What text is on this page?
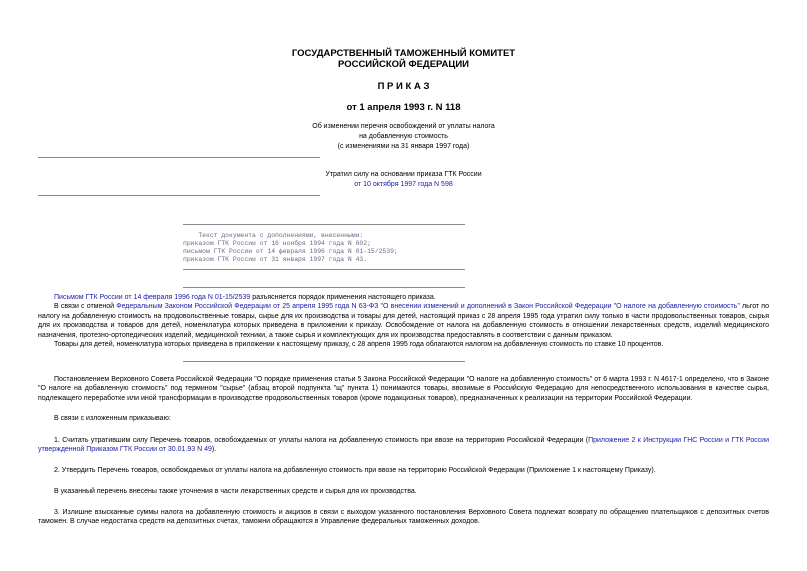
ГОСУДАРСТВЕННЫЙ ТАМОЖЕННЫЙ КОМИТЕТ
РОССИЙСКОЙ ФЕДЕРАЦИИ
П Р И К А З
от 1 апреля 1993 г. N 118
Об изменении перечня освобождений от уплаты налога
на добавленную стоимость
(с изменениями на 31 января 1997 года)
Утратил силу на основании приказа ГТК России
от 10 октября 1997 года N 598
Текст документа с дополнениями, внесенными:
приказом ГТК России от 16 ноября 1994 года N 602;
письмом ГТК России от 14 февраля 1996 года N 01-15/2539;
приказом ГТК России от 31 января 1997 года N 43.

Письмом ГТК России от 14 февраля 1996 года N 01-15/2539 разъясняется порядок применения настоящего приказа.

В связи с отменой Федеральным Законом Российской Федерации от 25 апреля 1995 года N 63-ФЗ "О внесении изменений и дополнений в Закон Российской Федерации "О налоге на добавленную стоимость" льгот по налогу на добавленную стоимость на продовольственные товары, сырье для их производства и товары для детей, настоящий приказ с 28 апреля 1995 года утратил силу только в части продовольственных товаров, сырья для их производства и товаров для детей, номенклатура которых приведена в приложении к приказу. Освобождение от налога на добавленную стоимость в отношении лекарственных средств, изделий медицинского назначения, протезно-ортопедических изделий, медицинской техники, а также сырья и комплектующих для их производства предоставлять в соответствии с данным приказом.

Товары для детей, номенклатура которых приведена в приложении к настоящему приказу, с 28 апреля 1995 года облагаются налогом на добавленную стоимость по ставке 10 процентов.

Постановлением Верховного Совета Российской Федерации "О порядке применения статьи 5 Закона Российской Федерации "О налоге на добавленную стоимость" от 6 марта 1993 г. N 4617-1 определено, что в Законе "О налоге на добавленную стоимость" под термином "сырье" (абзац второй подпункта "щ" пункта 1) понимаются товары, ввозимые в Российскую Федерацию для непосредственного использования в качестве сырья, подлежащего переработке или иной трансформации в производстве продовольственных товаров (кроме подакцизных товаров), предназначенных к реализации на территории Российской Федерации.

В связи с изложенным приказываю:

1. Считать утратившим силу Перечень товаров, освобождаемых от уплаты налога на добавленную стоимость при ввозе на территорию Российской Федерации (Приложение 2 к Инструкции ГНС России и ГТК России утвержденной Приказом ГТК России от 30.01.93 N 49).

2. Утвердить Перечень товаров, освобождаемых от уплаты налога на добавленную стоимость при ввозе на территорию Российской Федерации (Приложение 1 к настоящему Приказу).

В указанный перечень внесены также уточнения в части лекарственных средств и сырья для их производства.

3. Излишне взысканные суммы налога на добавленную стоимость и акцизов в связи с выходом указанного постановления Верховного Совета подлежат возврату по обращению плательщиков с депозитных счетов таможен. В случае недостатка средств на депозитных счетах, таможни обращаются в Управление федеральных таможенных доходов.
